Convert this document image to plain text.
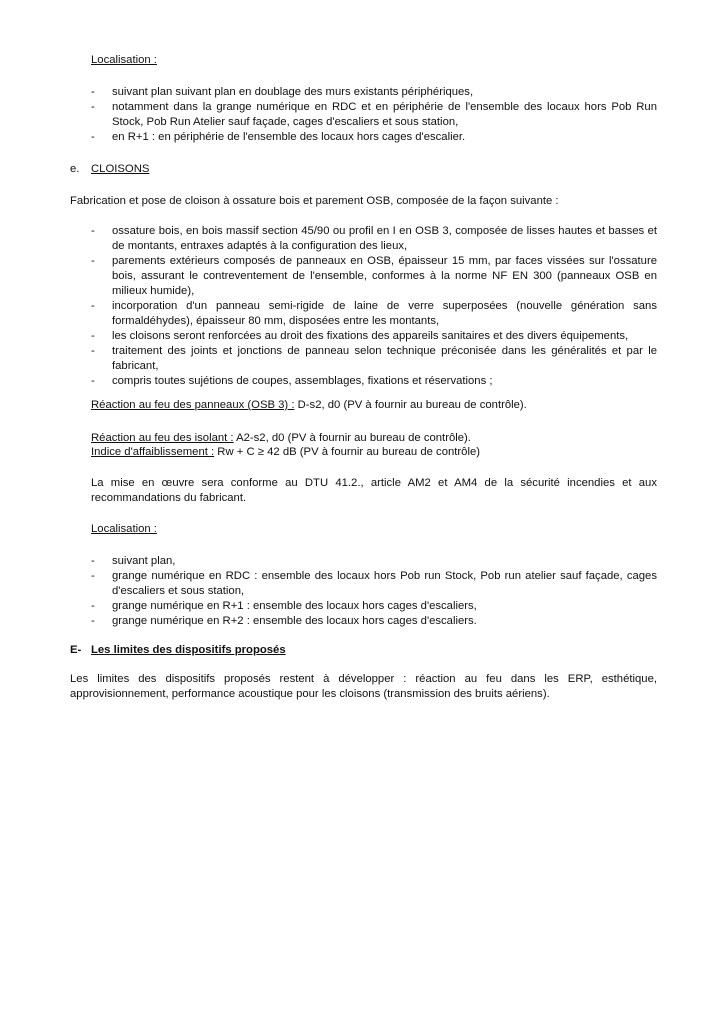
Localisation :
- suivant plan suivant plan en doublage des murs existants périphériques,
- notamment dans la grange numérique en RDC et en périphérie de l'ensemble des locaux hors Pob Run Stock, Pob Run Atelier sauf façade, cages d'escaliers et sous station,
- en R+1 : en périphérie de l'ensemble des locaux hors cages d'escalier.
e. CLOISONS
Fabrication et pose de cloison à ossature bois et parement OSB, composée de la façon suivante :
- ossature bois, en bois massif section 45/90 ou profil en I en OSB 3, composée de lisses hautes et basses et de montants, entraxes adaptés à la configuration des lieux,
- parements extérieurs composés de panneaux en OSB, épaisseur 15 mm, par faces vissées sur l'ossature bois, assurant le contreventement de l'ensemble, conformes à la norme NF EN 300 (panneaux OSB en milieux humide),
- incorporation d'un panneau semi-rigide de laine de verre superposées (nouvelle génération sans formaldéhydes), épaisseur 80 mm, disposées entre les montants,
- les cloisons seront renforcées au droit des fixations des appareils sanitaires et des divers équipements,
- traitement des joints et jonctions de panneau selon technique préconisée dans les généralités et par le fabricant,
- compris toutes sujétions de coupes, assemblages, fixations et réservations ;
Réaction au feu des panneaux (OSB 3) : D-s2, d0 (PV à fournir au bureau de contrôle).
Réaction au feu des isolant : A2-s2, d0 (PV à fournir au bureau de contrôle).
Indice d'affaiblissement : Rw + C ≥ 42 dB (PV à fournir au bureau de contrôle)
La mise en œuvre sera conforme au DTU 41.2., article AM2 et AM4 de la sécurité incendies et aux recommandations du fabricant.
Localisation :
- suivant plan,
- grange numérique en RDC : ensemble des locaux hors Pob run Stock, Pob run atelier sauf façade, cages d'escaliers et sous station,
- grange numérique en R+1 : ensemble des locaux hors cages d'escaliers,
- grange numérique en R+2 : ensemble des locaux hors cages d'escaliers.
E- Les limites des dispositifs proposés
Les limites des dispositifs proposés restent à développer : réaction au feu dans les ERP, esthétique, approvisionnement, performance acoustique pour les cloisons (transmission des bruits aériens).
